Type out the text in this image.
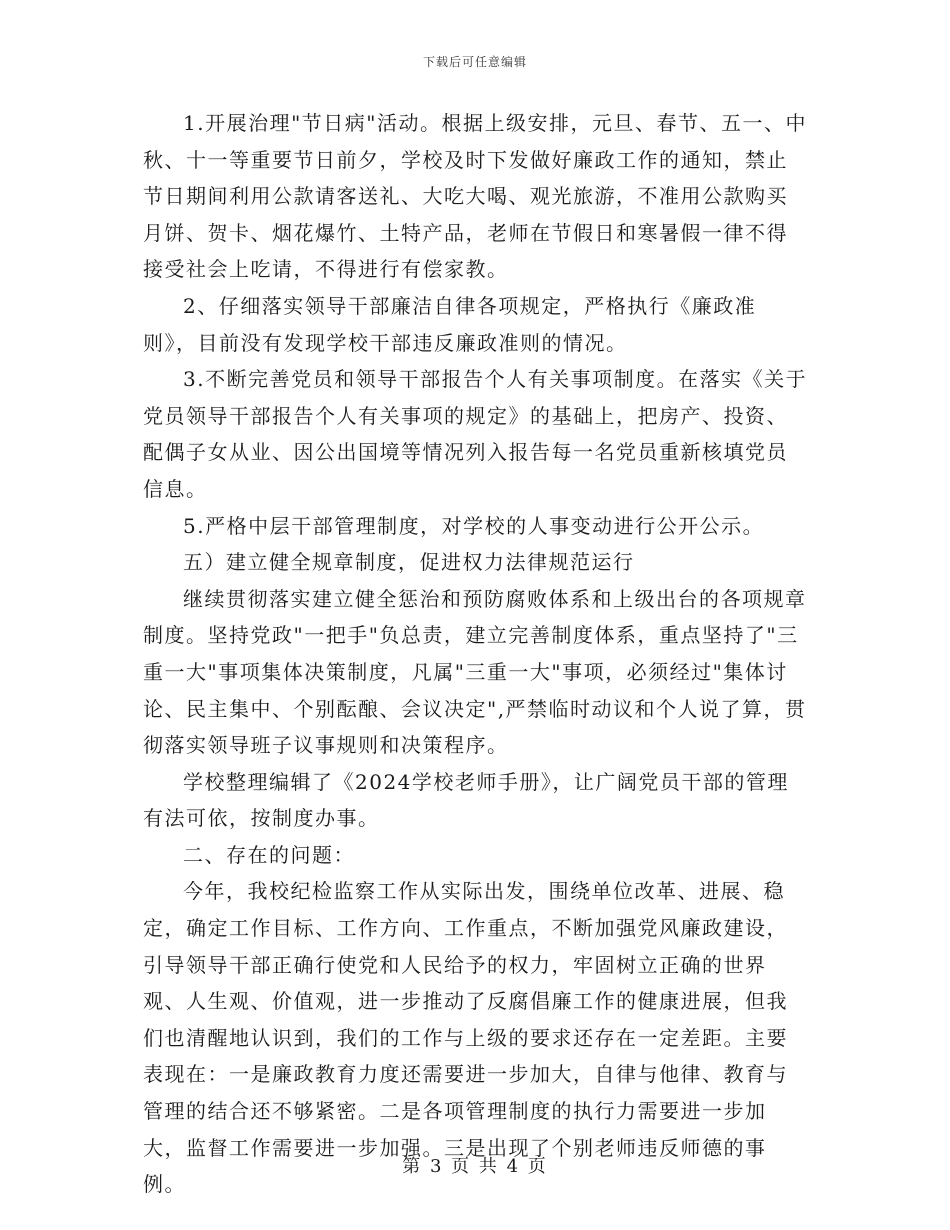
下载后可任意编辑

1.开展治理"节日病"活动。根据上级安排，元旦、春节、五一、中秋、十一等重要节日前夕，学校及时下发做好廉政工作的通知，禁止节日期间利用公款请客送礼、大吃大喝、观光旅游，不准用公款购买月饼、贺卡、烟花爆竹、土特产品，老师在节假日和寒暑假一律不得接受社会上吃请，不得进行有偿家教。

2、仔细落实领导干部廉洁自律各项规定，严格执行《廉政准则》，目前没有发现学校干部违反廉政准则的情况。

3.不断完善党员和领导干部报告个人有关事项制度。在落实《关于党员领导干部报告个人有关事项的规定》的基础上，把房产、投资、配偶子女从业、因公出国境等情况列入报告每一名党员重新核填党员信息。

5.严格中层干部管理制度，对学校的人事变动进行公开公示。

五）建立健全规章制度，促进权力法律规范运行

继续贯彻落实建立健全惩治和预防腐败体系和上级出台的各项规章制度。坚持党政"一把手"负总责，建立完善制度体系，重点坚持了"三重一大"事项集体决策制度，凡属"三重一大"事项，必须经过"集体讨论、民主集中、个别酝酿、会议决定",严禁临时动议和个人说了算，贯彻落实领导班子议事规则和决策程序。

学校整理编辑了《2024学校老师手册》，让广阔党员干部的管理有法可依，按制度办事。

二、存在的问题：

今年，我校纪检监察工作从实际出发，围绕单位改革、进展、稳定，确定工作目标、工作方向、工作重点，不断加强党风廉政建设，引导领导干部正确行使党和人民给予的权力，牢固树立正确的世界观、人生观、价值观，进一步推动了反腐倡廉工作的健康进展，但我们也清醒地认识到，我们的工作与上级的要求还存在一定差距。主要表现在：一是廉政教育力度还需要进一步加大，自律与他律、教育与管理的结合还不够紧密。二是各项管理制度的执行力需要进一步加大，监督工作需要进一步加强。三是出现了个别老师违反师德的事例。

第 3 页 共 4 页
